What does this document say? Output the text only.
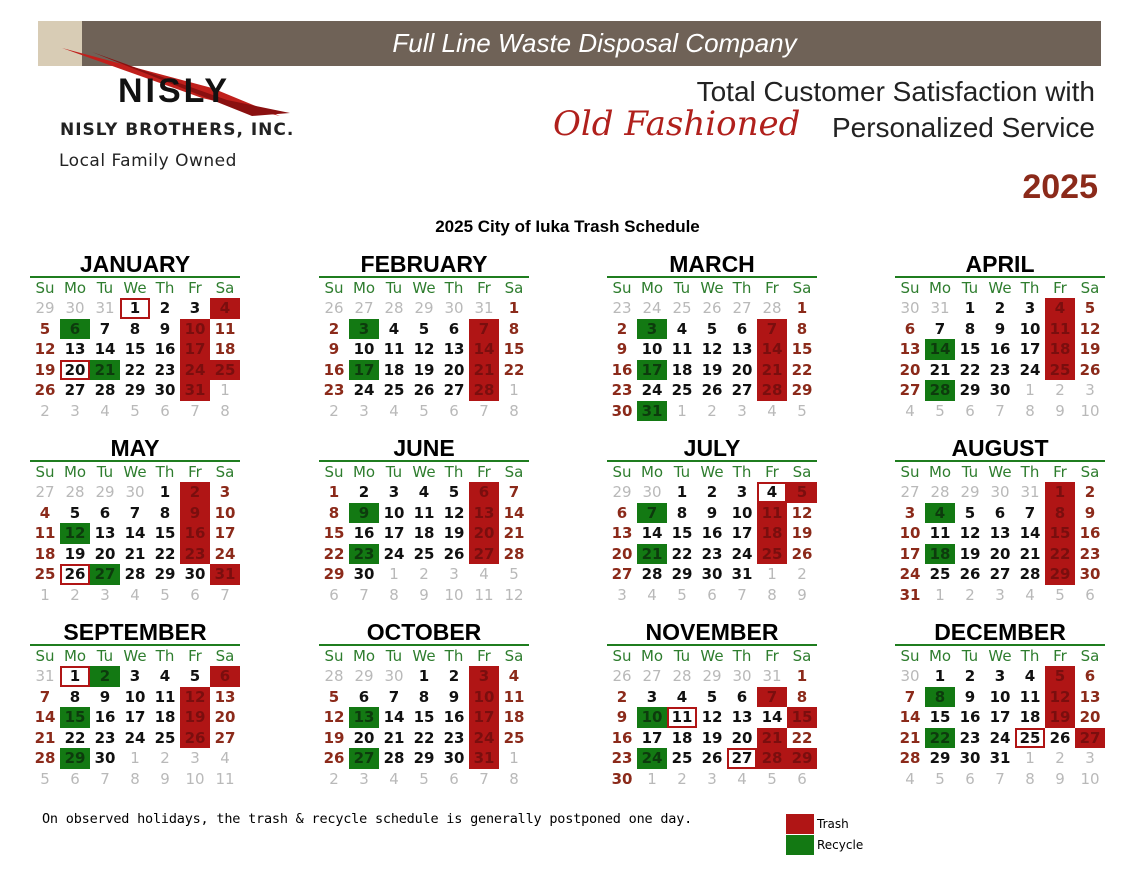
Full Line Waste Disposal Company
NISLY
NISLY BROTHERS, INC.
Local Family Owned
Total Customer Satisfaction with
Old Fashioned Personalized Service
2025
2025 City of Iuka Trash Schedule
JANUARY
Su Mo Tu We Th Fr Sa
29 30 31	1	2	3	4
5	6	7	8	9 10 11
12 13 14 15 16 17 18
19 20 21 22 23 24 25
26 27 28 29 30 31 1
2	3	4	5	6	7	8
FEBRUARY
Su Mo Tu We Th Fr Sa
26 27 28 29 30 31	1
2	3	4	5	6	7	8
9 10 11 12 13 14 15
16 17 18 19 20 21 22
23 24 25 26 27 28 1
2	3	4	5	6	7	8
MARCH
Su Mo Tu We Th Fr Sa
23 24 25 26 27 28	1
2	3	4	5	6	7	8
9 10 11 12 13 14 15
16 17 18 19 20 21 22
23 24 25 26 27 28 29
30 31 1	2	3	4	5
APRIL
Su Mo Tu We Th Fr Sa
30 31	1	2	3	4	5
6	7	8	9 10 11 12
13 14 15 16 17 18 19
20 21 22 23 24 25 26
27 28 29 30 1	2	3
4	5	6	7	8	9	10
MAY
Su Mo Tu We Th Fr Sa
27 28 29 30	1	2	3
4	5	6	7	8	9 10
11 12 13 14 15 16 17
18 19 20 21 22 23 24
25 26 27 28 29 30 31
1	2	3	4	5	6	7
JUNE
Su Mo Tu We Th Fr Sa
1	2	3	4	5	6	7
8	9 10 11 12 13 14
15 16 17 18 19 20 21
22 23 24 25 26 27 28
29 30 1	2	3	4	5
6	7	8	9	10 11 12
JULY
Su Mo Tu We Th Fr Sa
29 30	1	2	3	4	5
6	7	8	9 10 11 12
13 14 15 16 17 18 19
20 21 22 23 24 25 26
27 28 29 30 31 1	2
3	4	5	6	7	8	9
AUGUST
Su Mo Tu We Th Fr Sa
27 28 29 30 31	1	2
3	4	5	6	7	8	9
10 11 12 13 14 15 16
17 18 19 20 21 22 23
24 25 26 27 28 29 30
31 1	2	3	4	5	6
SEPTEMBER
Su Mo Tu We Th Fr Sa
31	1	2	3	4	5	6
7	8	9 10 11 12 13
14 15 16 17 18 19 20
21 22 23 24 25 26 27
28 29 30 1	2	3	4
5	6	7	8	9	10 11
OCTOBER
Su Mo Tu We Th Fr Sa
28 29 30	1	2	3	4
5	6	7	8	9 10 11
12 13 14 15 16 17 18
19 20 21 22 23 24 25
26 27 28 29 30 31 1
2	3	4	5	6	7	8
NOVEMBER
Su Mo Tu We Th Fr Sa
26 27 28 29 30 31	1
2	3	4	5	6	7	8
9 10 11 12 13 14 15
16 17 18 19 20 21 22
23 24 25 26 27 28 29
30 1	2	3	4	5	6
DECEMBER
Su Mo Tu We Th Fr Sa
30	1	2	3	4	5	6
7	8	9 10 11 12 13
14 15 16 17 18 19 20
21 22 23 24 25 26 27
28 29 30 31 1	2	3
4	5	6	7	8	9	10
On observed holidays, the trash & recycle schedule is generally postponed one day.	Trash
Recycle
